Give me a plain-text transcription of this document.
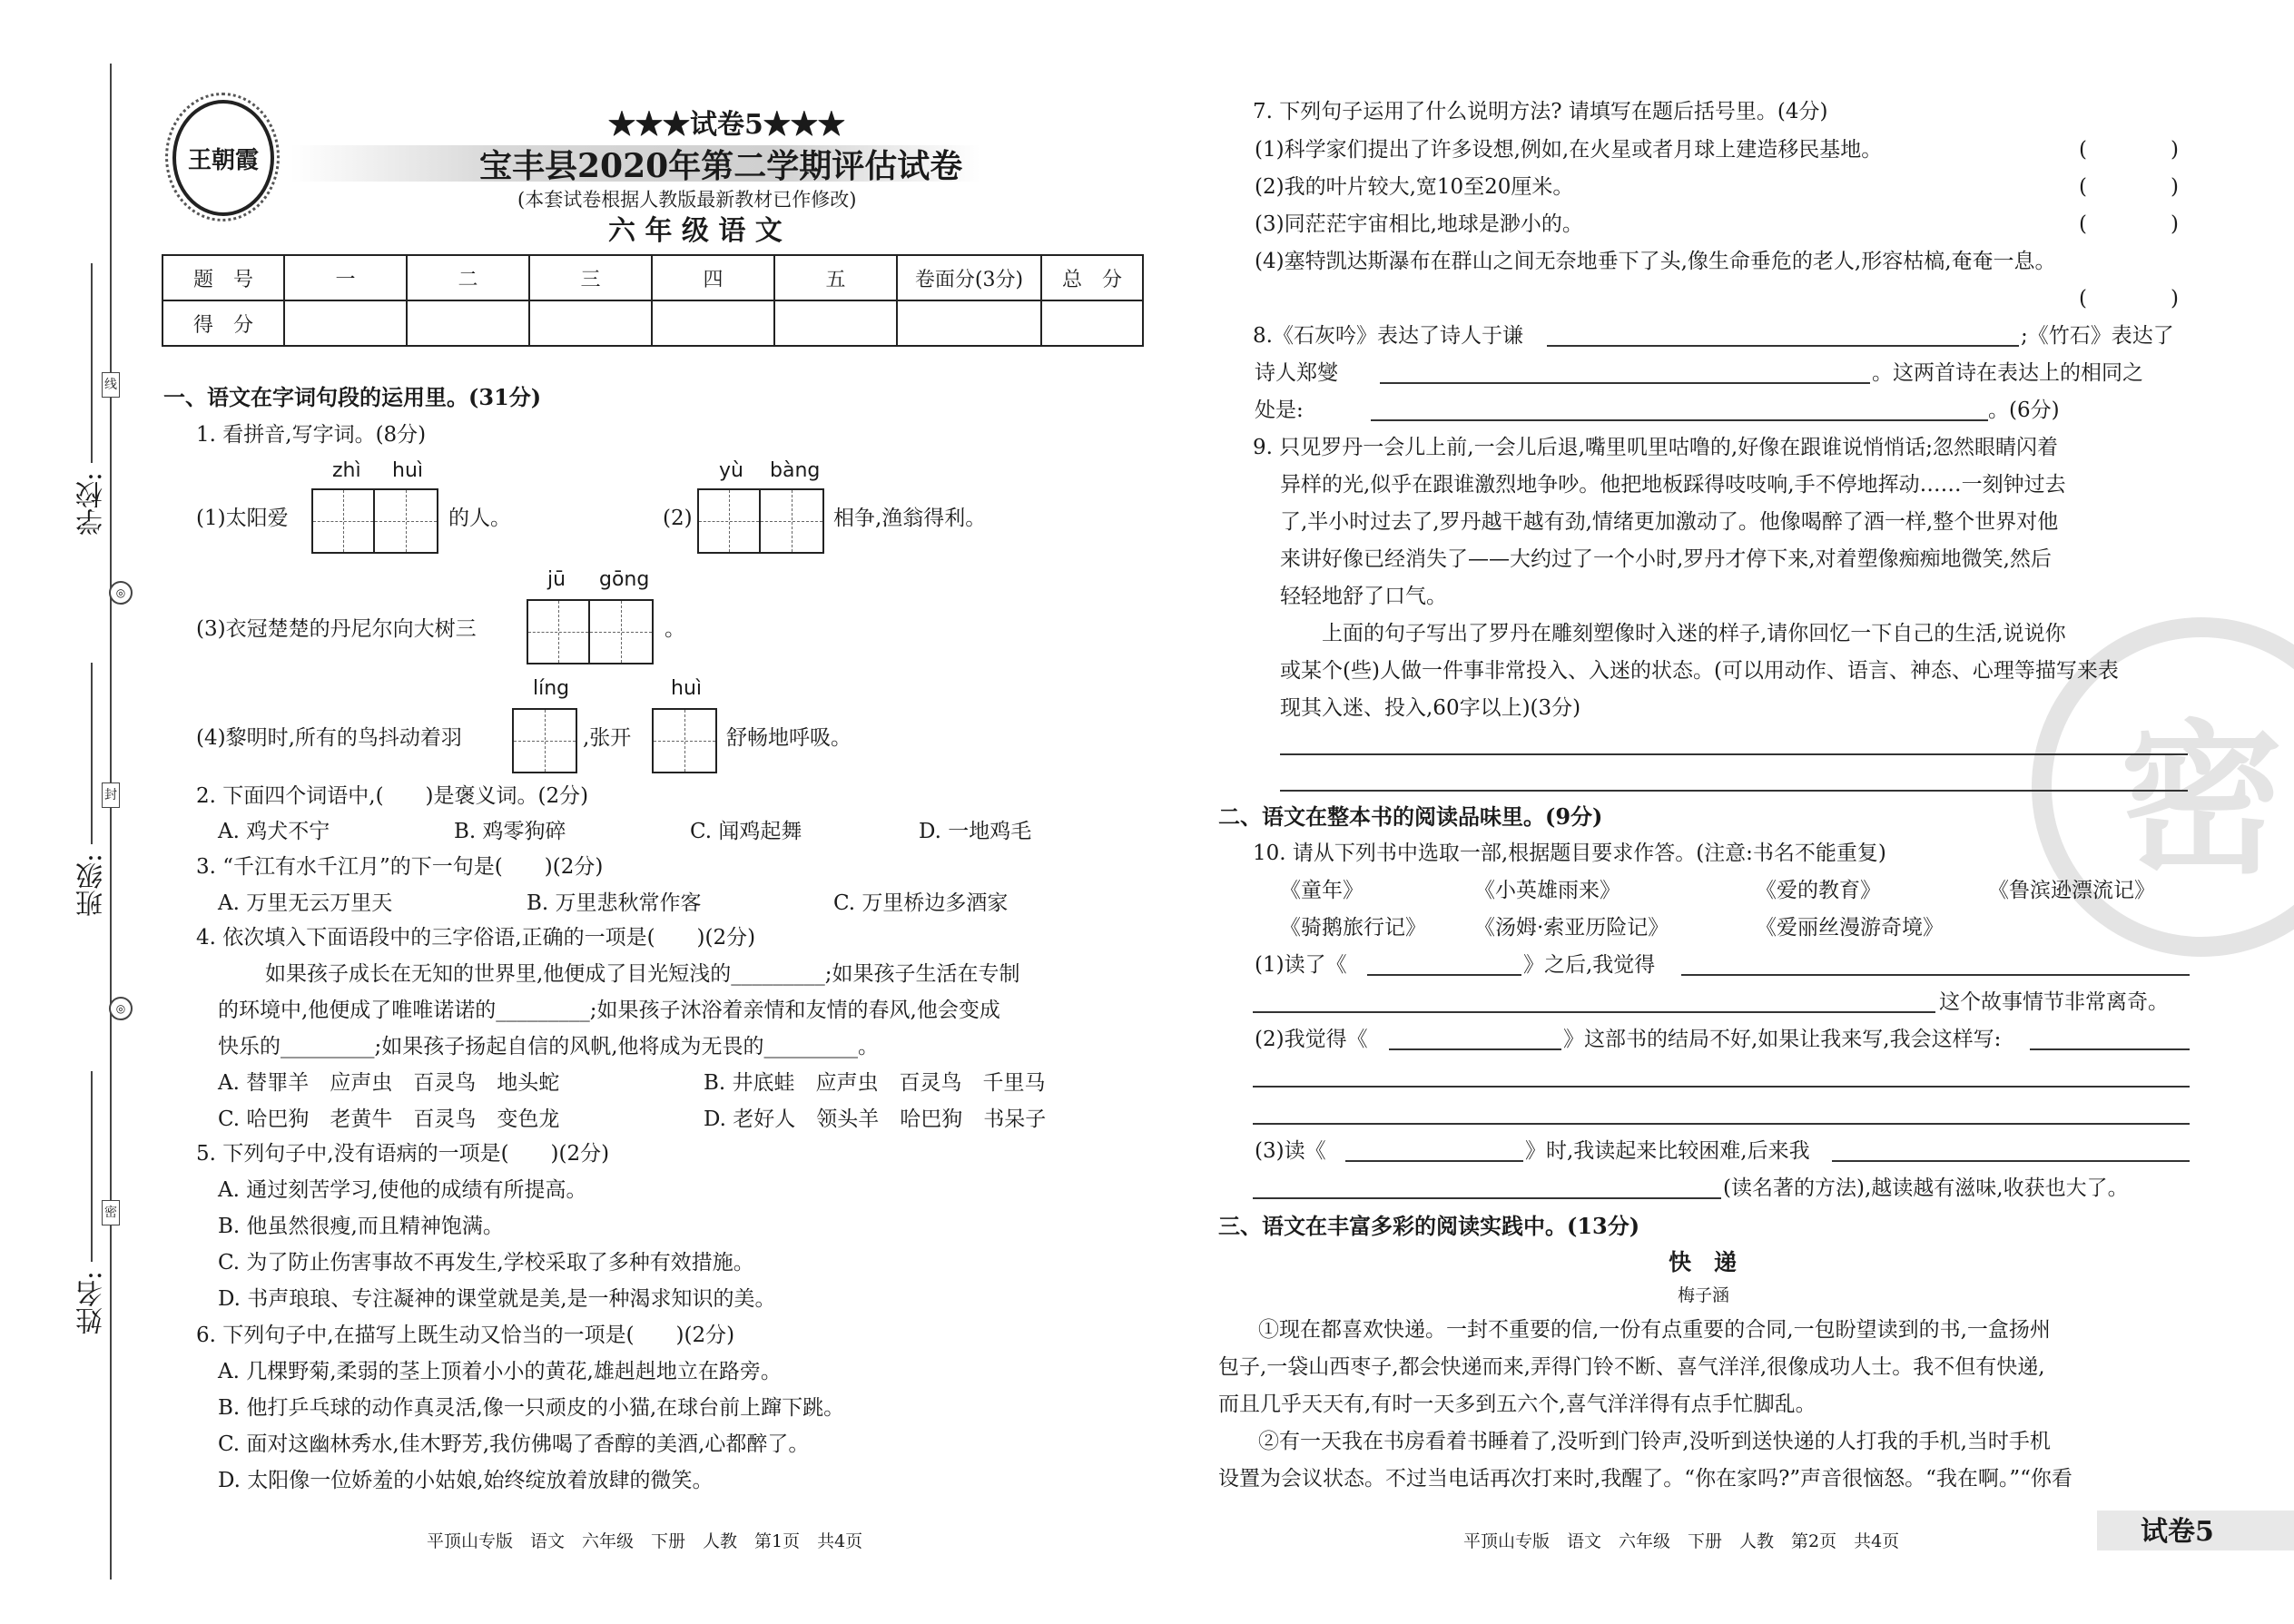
线
封
密
◎
◎
学校:
班级:
姓名:
王朝霞
★★★试卷5★★★
宝丰县2020年第二学期评估试卷
(本套试卷根据人教版最新教材已作修改)
六 年 级 语 文
题　号	一	二	三	四	五	卷面分(3分)	总　分
得　分							
一、语文在字词句段的运用里。(31分)
1. 看拼音,写字词。(8分)
zhì huì
(1)太阳爱	的人。
yù bàng
(2)	相争,渔翁得利。
jū gōng
(3)衣冠楚楚的丹尼尔向大树三	。
líng	huì
(4)黎明时,所有的鸟抖动着羽	,张开	舒畅地呼吸。
2. 下面四个词语中,(　　)是褒义词。(2分)
A. 鸡犬不宁	B. 鸡零狗碎	C. 闻鸡起舞	D. 一地鸡毛
3. “千江有水千江月”的下一句是(　　)(2分)
A. 万里无云万里天	B. 万里悲秋常作客	C. 万里桥边多酒家
4. 依次填入下面语段中的三字俗语,正确的一项是(　　)(2分)
如果孩子成长在无知的世界里,他便成了目光短浅的_________;如果孩子生活在专制
的环境中,他便成了唯唯诺诺的_________;如果孩子沐浴着亲情和友情的春风,他会变成
快乐的_________;如果孩子扬起自信的风帆,他将成为无畏的_________。
A. 替罪羊　应声虫　百灵鸟　地头蛇	B. 井底蛙　应声虫　百灵鸟　千里马
C. 哈巴狗　老黄牛　百灵鸟　变色龙	D. 老好人　领头羊　哈巴狗　书呆子
5. 下列句子中,没有语病的一项是(　　)(2分)
A. 通过刻苦学习,使他的成绩有所提高。
B. 他虽然很瘦,而且精神饱满。
C. 为了防止伤害事故不再发生,学校采取了多种有效措施。
D. 书声琅琅、专注凝神的课堂就是美,是一种渴求知识的美。
6. 下列句子中,在描写上既生动又恰当的一项是(　　)(2分)
A. 几棵野菊,柔弱的茎上顶着小小的黄花,雄赳赳地立在路旁。
B. 他打乒乓球的动作真灵活,像一只顽皮的小猫,在球台前上蹿下跳。
C. 面对这幽林秀水,佳木野芳,我仿佛喝了香醇的美酒,心都醉了。
D. 太阳像一位娇羞的小姑娘,始终绽放着放肆的微笑。
平顶山专版　语文　六年级　下册　人教　第1页　共4页
密
7. 下列句子运用了什么说明方法? 请填写在题后括号里。(4分)
(1)科学家们提出了许多设想,例如,在火星或者月球上建造移民基地。	(　　　　)
(2)我的叶片较大,宽10至20厘米。	(　　　　)
(3)同茫茫宇宙相比,地球是渺小的。	(　　　　)
(4)塞特凯达斯瀑布在群山之间无奈地垂下了头,像生命垂危的老人,形容枯槁,奄奄一息。
(　　　　)
8.《石灰吟》表达了诗人于谦	;《竹石》表达了
诗人郑燮	。这两首诗在表达上的相同之
处是:	。(6分)
9. 只见罗丹一会儿上前,一会儿后退,嘴里叽里咕噜的,好像在跟谁说悄悄话;忽然眼睛闪着
异样的光,似乎在跟谁激烈地争吵。他把地板踩得吱吱响,手不停地挥动……一刻钟过去
了,半小时过去了,罗丹越干越有劲,情绪更加激动了。他像喝醉了酒一样,整个世界对他
来讲好像已经消失了——大约过了一个小时,罗丹才停下来,对着塑像痴痴地微笑,然后
轻轻地舒了口气。
上面的句子写出了罗丹在雕刻塑像时入迷的样子,请你回忆一下自己的生活,说说你
或某个(些)人做一件事非常投入、入迷的状态。(可以用动作、语言、神态、心理等描写来表
现其入迷、投入,60字以上)(3分)
二、语文在整本书的阅读品味里。(9分)
10. 请从下列书中选取一部,根据题目要求作答。(注意:书名不能重复)
《童年》	《小英雄雨来》	《爱的教育》	《鲁滨逊漂流记》
《骑鹅旅行记》 《汤姆·索亚历险记》	《爱丽丝漫游奇境》
(1)读了《	》之后,我觉得
这个故事情节非常离奇。
(2)我觉得《	》这部书的结局不好,如果让我来写,我会这样写:
(3)读《	》时,我读起来比较困难,后来我
(读名著的方法),越读越有滋味,收获也大了。
三、语文在丰富多彩的阅读实践中。(13分)
快　递
梅子涵
①现在都喜欢快递。一封不重要的信,一份有点重要的合同,一包盼望读到的书,一盒扬州
包子,一袋山西枣子,都会快递而来,弄得门铃不断、喜气洋洋,很像成功人士。我不但有快递,
而且几乎天天有,有时一天多到五六个,喜气洋洋得有点手忙脚乱。
②有一天我在书房看着书睡着了,没听到门铃声,没听到送快递的人打我的手机,当时手机
设置为会议状态。不过当电话再次打来时,我醒了。“你在家吗?”声音很恼怒。“我在啊。”“你看
平顶山专版　语文　六年级　下册　人教　第2页　共4页	试卷5
